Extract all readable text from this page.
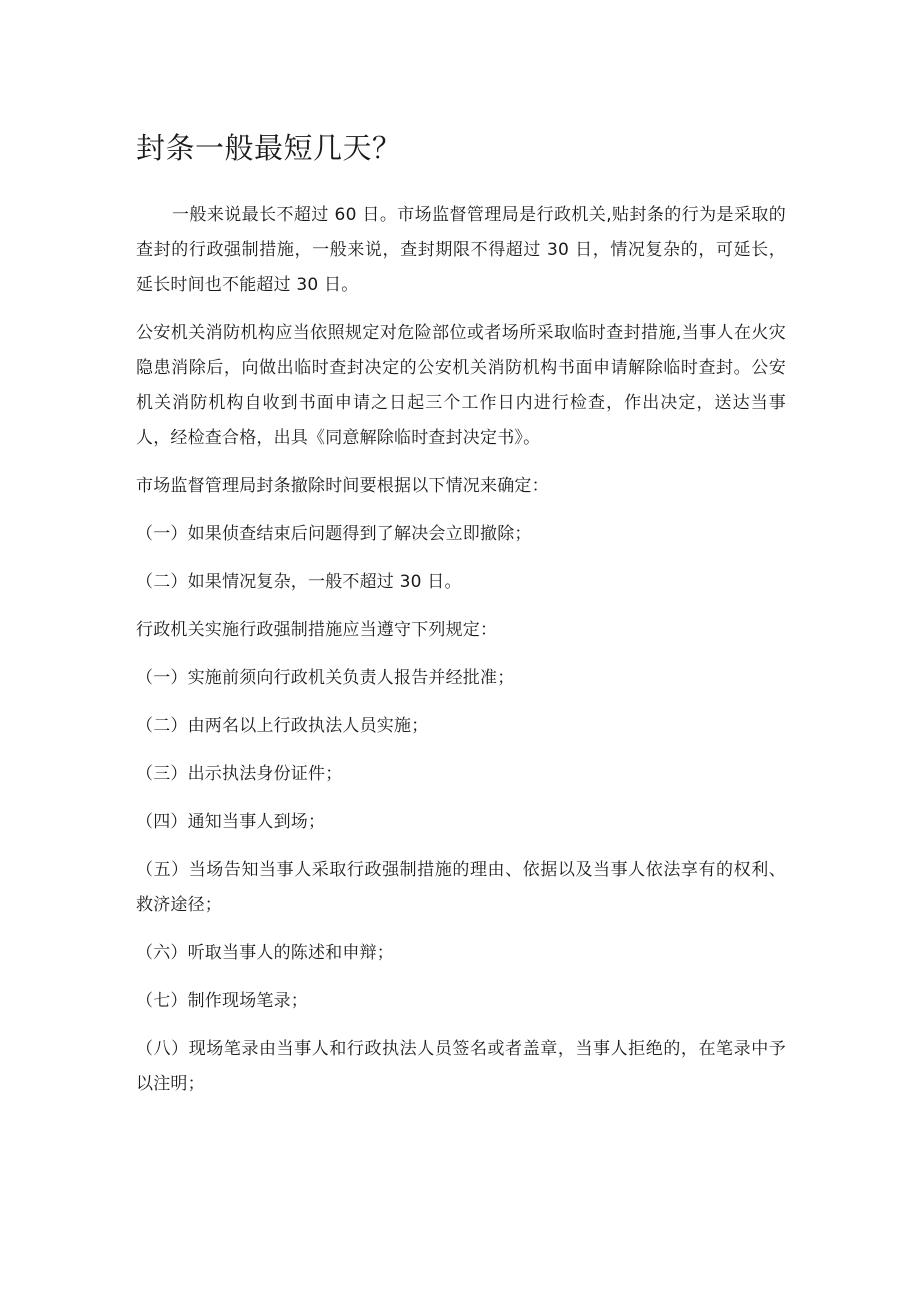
封条一般最短几天？

一般来说最长不超过 60 日。市场监督管理局是行政机关,贴封条的行为是采取的查封的行政强制措施，一般来说，查封期限不得超过 30 日，情况复杂的，可延长，延长时间也不能超过 30 日。

公安机关消防机构应当依照规定对危险部位或者场所采取临时查封措施,当事人在火灾隐患消除后，向做出临时查封决定的公安机关消防机构书面申请解除临时查封。公安机关消防机构自收到书面申请之日起三个工作日内进行检查，作出决定，送达当事人，经检查合格，出具《同意解除临时查封决定书》。

市场监督管理局封条撤除时间要根据以下情况来确定：

（一）如果侦查结束后问题得到了解决会立即撤除；

（二）如果情况复杂，一般不超过 30 日。

行政机关实施行政强制措施应当遵守下列规定：

（一）实施前须向行政机关负责人报告并经批准；

（二）由两名以上行政执法人员实施；

（三）出示执法身份证件；

（四）通知当事人到场；

（五）当场告知当事人采取行政强制措施的理由、依据以及当事人依法享有的权利、救济途径；

（六）听取当事人的陈述和申辩；

（七）制作现场笔录；

（八）现场笔录由当事人和行政执法人员签名或者盖章，当事人拒绝的，在笔录中予以注明；
